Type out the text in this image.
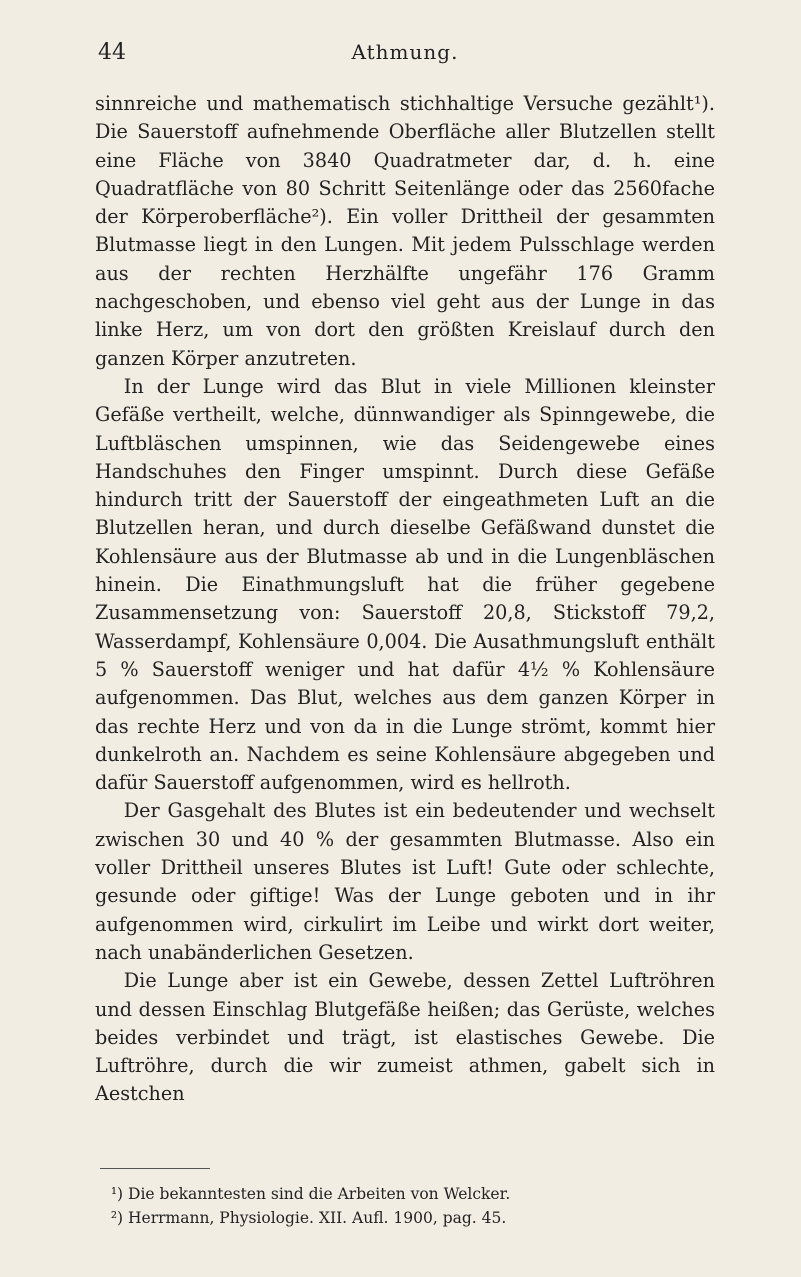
44	Athmung.

sinnreiche und mathematisch stichhaltige Versuche gezählt¹). Die Sauerstoff aufnehmende Oberfläche aller Blutzellen stellt eine Fläche von 3840 Quadratmeter dar, d. h. eine Quadratfläche von 80 Schritt Seitenlänge oder das 2560fache der Körperoberfläche²). Ein voller Drittheil der gesammten Blutmasse liegt in den Lungen. Mit jedem Pulsschlage werden aus der rechten Herzhälfte ungefähr 176 Gramm nachgeschoben, und ebenso viel geht aus der Lunge in das linke Herz, um von dort den größten Kreislauf durch den ganzen Körper anzutreten.

In der Lunge wird das Blut in viele Millionen kleinster Gefäße vertheilt, welche, dünnwandiger als Spinngewebe, die Luftbläschen umspinnen, wie das Seidengewebe eines Handschuhes den Finger umspinnt. Durch diese Gefäße hindurch tritt der Sauerstoff der eingeathmeten Luft an die Blutzellen heran, und durch dieselbe Gefäßwand dunstet die Kohlensäure aus der Blutmasse ab und in die Lungenbläschen hinein. Die Einathmungsluft hat die früher gegebene Zusammensetzung von: Sauerstoff 20,8, Stickstoff 79,2, Wasserdampf, Kohlensäure 0,004. Die Ausathmungsluft enthält 5 % Sauerstoff weniger und hat dafür 4½ % Kohlensäure aufgenommen. Das Blut, welches aus dem ganzen Körper in das rechte Herz und von da in die Lunge strömt, kommt hier dunkelroth an. Nachdem es seine Kohlensäure abgegeben und dafür Sauerstoff aufgenommen, wird es hellroth.

Der Gasgehalt des Blutes ist ein bedeutender und wechselt zwischen 30 und 40 % der gesammten Blutmasse. Also ein voller Drittheil unseres Blutes ist Luft! Gute oder schlechte, gesunde oder giftige! Was der Lunge geboten und in ihr aufgenommen wird, cirkulirt im Leibe und wirkt dort weiter, nach unabänderlichen Gesetzen.

Die Lunge aber ist ein Gewebe, dessen Zettel Luftröhren und dessen Einschlag Blutgefäße heißen; das Gerüste, welches beides verbindet und trägt, ist elastisches Gewebe. Die Luftröhre, durch die wir zumeist athmen, gabelt sich in Aestchen

¹) Die bekanntesten sind die Arbeiten von Welcker.

²) Herrmann, Physiologie. XII. Aufl. 1900, pag. 45.
